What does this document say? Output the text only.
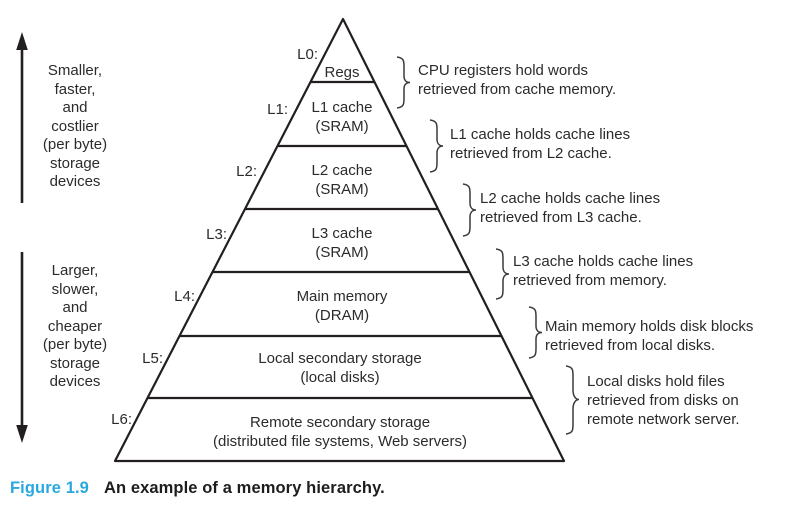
Smaller,
faster,
and
costlier
(per byte)
storage
devices
Larger,
slower,
and
cheaper
(per byte)
storage
devices
L0:
L1:
L2:
L3:
L4:
L5:
L6:
Regs
L1 cache
(SRAM)
L2 cache
(SRAM)
L3 cache
(SRAM)
Main memory
(DRAM)
Local secondary storage
(local disks)
Remote secondary storage
(distributed file systems, Web servers)
CPU registers hold words
retrieved from cache memory.
L1 cache holds cache lines
retrieved from L2 cache.
L2 cache holds cache lines
retrieved from L3 cache.
L3 cache holds cache lines
retrieved from memory.
Main memory holds disk blocks
retrieved from local disks.
Local disks hold files
retrieved from disks on
remote network server.
Figure 1.9 An example of a memory hierarchy.
